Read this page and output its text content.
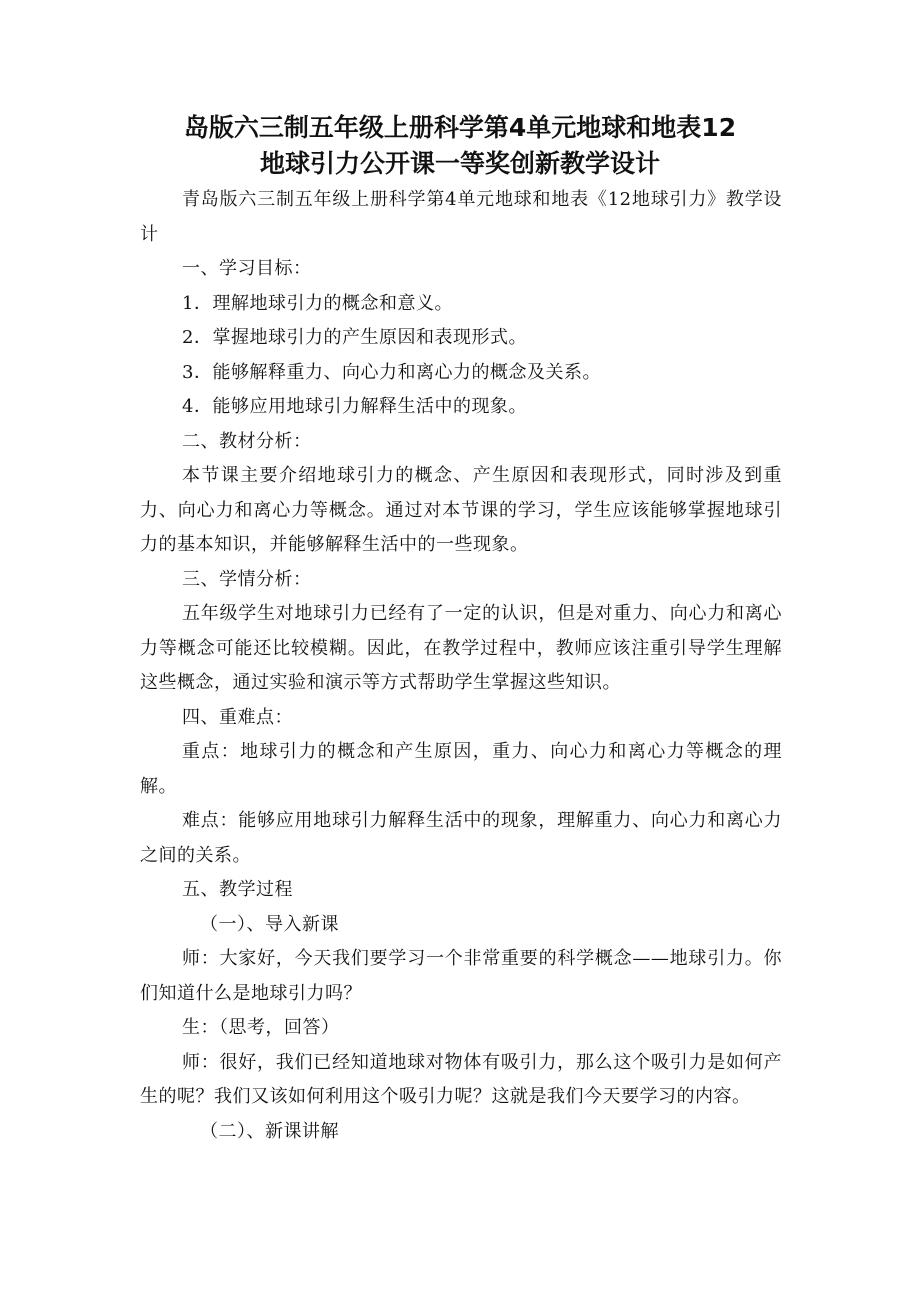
岛版六三制五年级上册科学第4单元地球和地表12
地球引力公开课一等奖创新教学设计

青岛版六三制五年级上册科学第4单元地球和地表《12地球引力》教学设计

一、学习目标：

1．理解地球引力的概念和意义。

2．掌握地球引力的产生原因和表现形式。

3．能够解释重力、向心力和离心力的概念及关系。

4．能够应用地球引力解释生活中的现象。

二、教材分析：

本节课主要介绍地球引力的概念、产生原因和表现形式，同时涉及到重力、向心力和离心力等概念。通过对本节课的学习，学生应该能够掌握地球引力的基本知识，并能够解释生活中的一些现象。

三、学情分析：

五年级学生对地球引力已经有了一定的认识，但是对重力、向心力和离心力等概念可能还比较模糊。因此，在教学过程中，教师应该注重引导学生理解这些概念，通过实验和演示等方式帮助学生掌握这些知识。

四、重难点：

重点：地球引力的概念和产生原因，重力、向心力和离心力等概念的理解。

难点：能够应用地球引力解释生活中的现象，理解重力、向心力和离心力之间的关系。

五、教学过程

（一）、导入新课

师：大家好，今天我们要学习一个非常重要的科学概念——地球引力。你们知道什么是地球引力吗？

生：（思考，回答）

师：很好，我们已经知道地球对物体有吸引力，那么这个吸引力是如何产生的呢？我们又该如何利用这个吸引力呢？这就是我们今天要学习的内容。

（二）、新课讲解
